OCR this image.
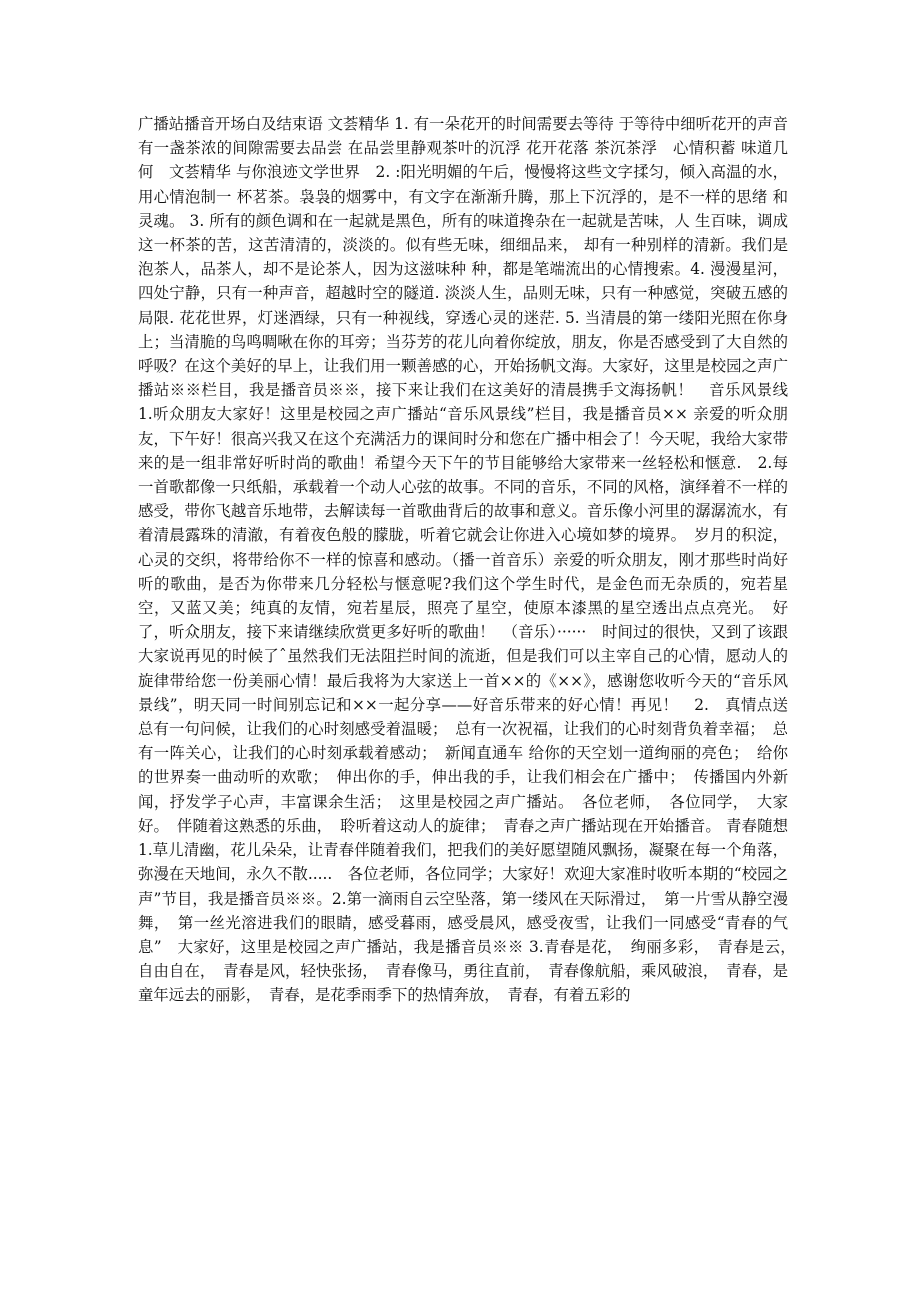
广播站播音开场白及结束语 文荟精华 1. 有一朵花开的时间需要去等待 于等待中细听花开的声音　有一盏茶浓的间隙需要去品尝 在品尝里静观茶叶的沉浮 花开花落 茶沉茶浮　心情积蓄 味道几何　文荟精华 与你浪迹文学世界　2. :阳光明媚的午后，慢慢将这些文字揉匀，倾入高温的水，用心情泡制一 杯茗茶。袅袅的烟雾中，有文字在渐渐升腾，那上下沉浮的，是不一样的思绪 和灵魂。 3. 所有的颜色调和在一起就是黑色，所有的味道搀杂在一起就是苦味，人 生百味，调成这一杯茶的苦，这苦清清的，淡淡的。似有些无味，细细品来， 却有一种别样的清新。我们是泡茶人，品茶人，却不是论茶人，因为这滋味种 种，都是笔端流出的心情搜索。4. 漫漫星河，四处宁静，只有一种声音，超越时空的隧道. 淡淡人生，品则无味，只有一种感觉，突破五感的局限. 花花世界，灯迷酒绿，只有一种视线，穿透心灵的迷茫. 5. 当清晨的第一缕阳光照在你身上；当清脆的鸟鸣啁啾在你的耳旁；当芬芳的花儿向着你绽放，朋友，你是否感受到了大自然的呼吸？在这个美好的早上，让我们用一颗善感的心，开始扬帆文海。大家好，这里是校园之声广播站※※栏目，我是播音员※※，接下来让我们在这美好的清晨携手文海扬帆！　音乐风景线 1.听众朋友大家好！这里是校园之声广播站“音乐风景线”栏目，我是播音员×× 亲爱的听众朋友，下午好！很高兴我又在这个充满活力的课间时分和您在广播中相会了！今天呢，我给大家带来的是一组非常好听时尚的歌曲！希望今天下午的节目能够给大家带来一丝轻松和惬意.　2.每一首歌都像一只纸船，承载着一个动人心弦的故事。不同的音乐，不同的风格，演绎着不一样的感受，带你飞越音乐地带，去解读每一首歌曲背后的故事和意义。音乐像小河里的潺潺流水，有着清晨露珠的清澈，有着夜色般的朦胧，听着它就会让你进入心境如梦的境界。　岁月的积淀，心灵的交织，将带给你不一样的惊喜和感动。（播一首音乐）亲爱的听众朋友，刚才那些时尚好听的歌曲，是否为你带来几分轻松与惬意呢?我们这个学生时代，是金色而无杂质的，宛若星空，又蓝又美；纯真的友情，宛若星辰，照亮了星空，使原本漆黑的星空透出点点亮光。　好了，听众朋友，接下来请继续欣赏更多好听的歌曲！　（音乐）······　时间过的很快，又到了该跟大家说再见的时候了ˆ虽然我们无法阻拦时间的流逝，但是我们可以主宰自己的心情，愿动人的旋律带给您一份美丽心情！最后我将为大家送上一首××的《××》，感谢您收听今天的“音乐风景线”，明天同一时间别忘记和××一起分享——好音乐带来的好心情！再见！　2.　真情点送 总有一句问候，让我们的心时刻感受着温暖；　总有一次祝福，让我们的心时刻背负着幸福；　总有一阵关心，让我们的心时刻承载着感动；　新闻直通车 给你的天空划一道绚丽的亮色；　给你的世界奏一曲动听的欢歌；　伸出你的手，伸出我的手，让我们相会在广播中；　传播国内外新闻，抒发学子心声，丰富课余生活；　这里是校园之声广播站。　各位老师，　各位同学，　大家好。　伴随着这熟悉的乐曲，　聆听着这动人的旋律；　青春之声广播站现在开始播音。 青春随想 1.草儿清幽，花儿朵朵，让青春伴随着我们，把我们的美好愿望随风飘扬，凝聚在每一个角落，弥漫在天地间，永久不散.....　各位老师，各位同学；大家好！欢迎大家准时收听本期的“校园之声”节目，我是播音员※※。2.第一滴雨自云空坠落，第一缕风在天际滑过，　第一片雪从静空漫舞，　第一丝光溶进我们的眼睛，感受暮雨，感受晨风，感受夜雪，让我们一同感受“青春的气息”　大家好，这里是校园之声广播站，我是播音员※※ 3.青春是花，　绚丽多彩，　青春是云，　自由自在，　青春是风，轻快张扬，　青春像马，勇往直前，　青春像航船，乘风破浪，　青春，是童年远去的丽影，　青春，是花季雨季下的热情奔放，　青春，有着五彩的
